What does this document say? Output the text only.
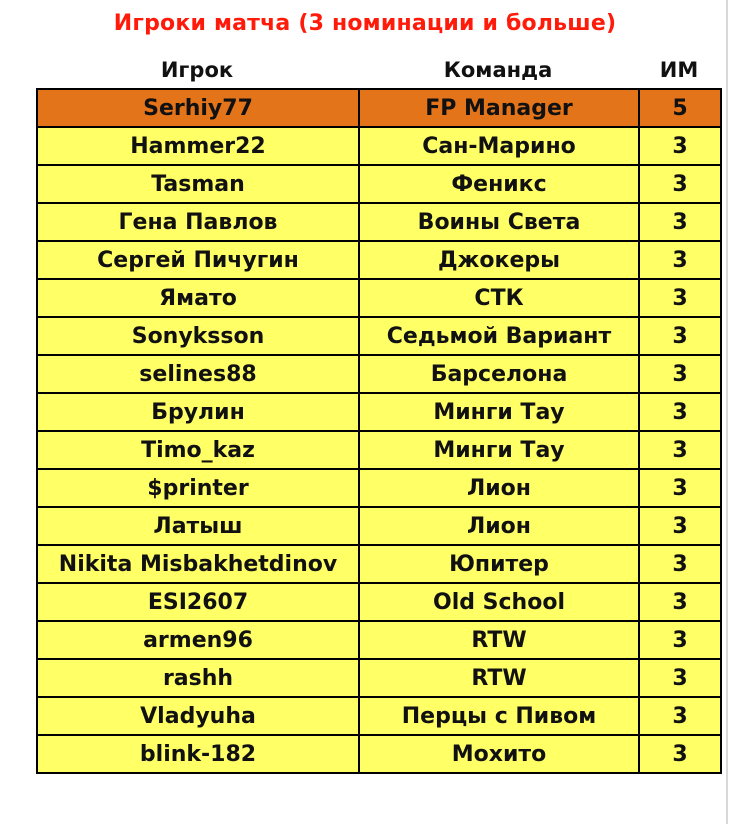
Игроки матча (3 номинации и больше)
Игрок	Команда	ИМ
Serhiy77	FP Manager	5
Hammer22	Сан-Марино	3
Tasman	Феникс	3
Гена Павлов	Воины Света	3
Сергей Пичугин	Джокеры	3
Ямато	СТК	3
Sonyksson	Седьмой Вариант	3
selines88	Барселона	3
Брулин	Минги Тау	3
Timo_kaz	Минги Тау	3
$printer	Лион	3
Латыш	Лион	3
Nikita Misbakhetdinov	Юпитер	3
ESI2607	Old School	3
armen96	RTW	3
rashh	RTW	3
Vladyuha	Перцы с Пивом	3
blink-182	Мохито	3
